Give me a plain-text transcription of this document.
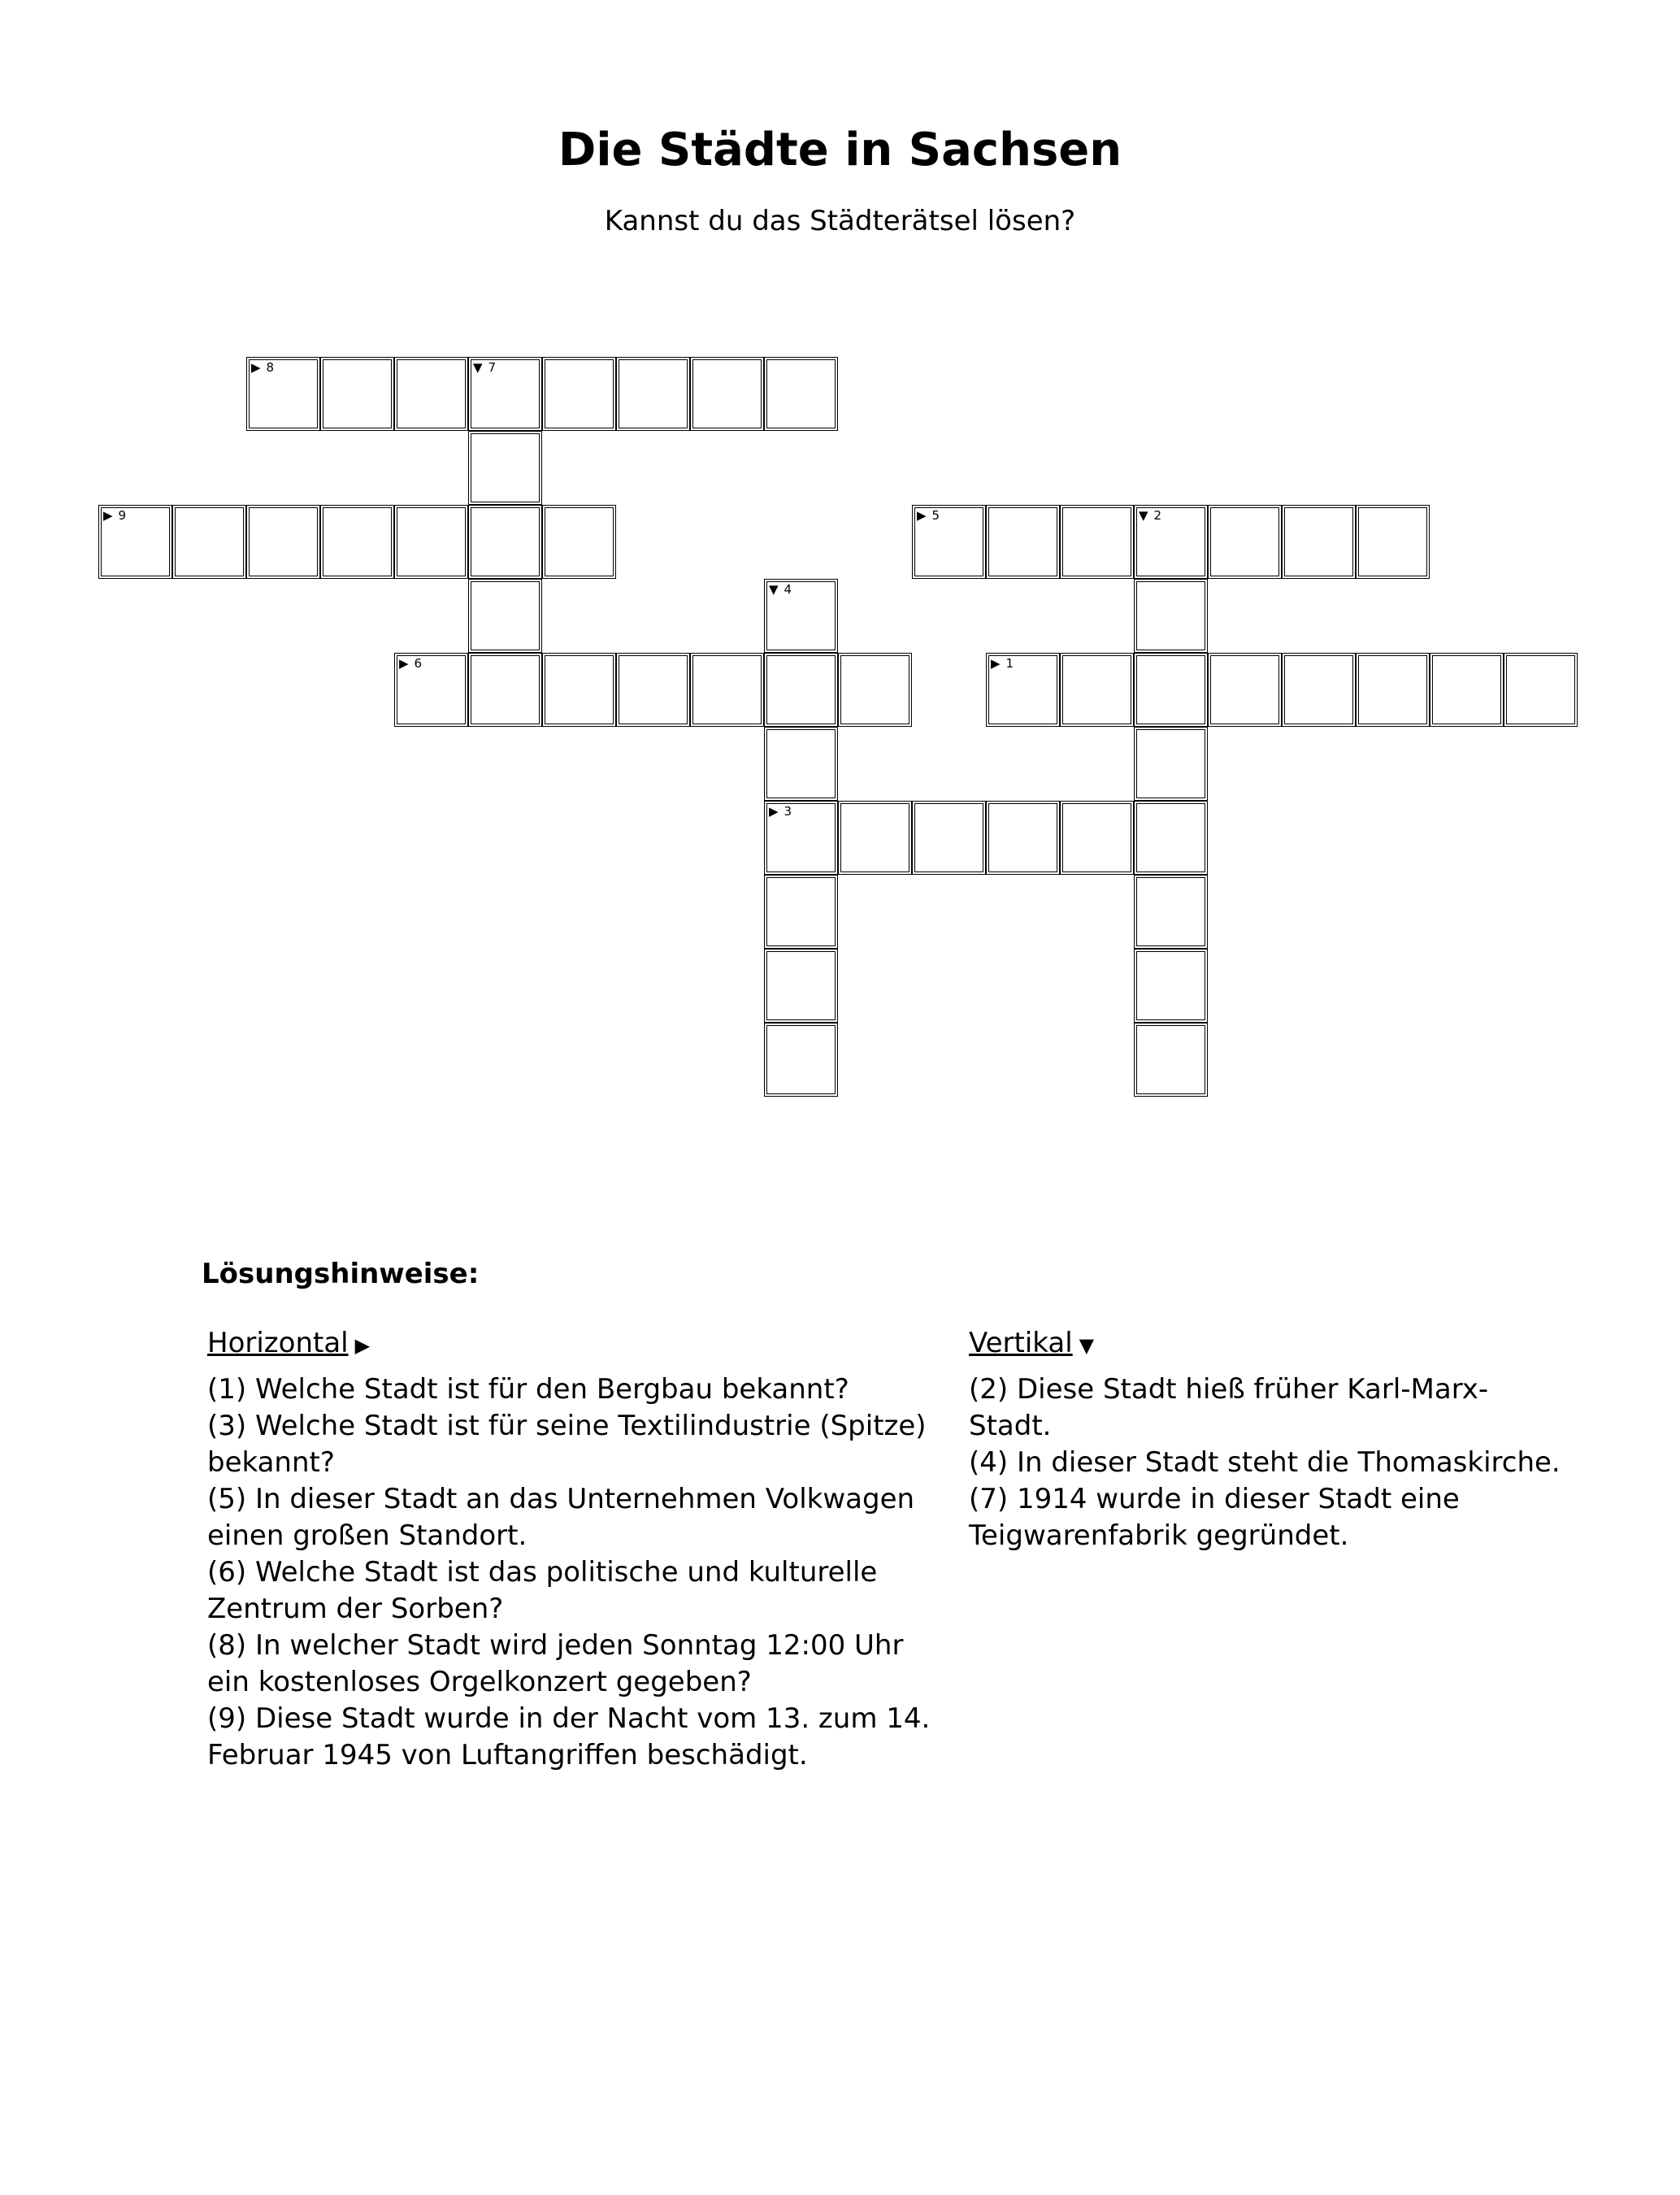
Die Städte in Sachsen
Kannst du das Städterätsel lösen?
▶ 8	▼ 7
▶ 9	▶ 5	▼ 2
▼ 4
▶ 6	▶ 1
▶ 3
Lösungshinweise:
Horizontal ▶
(1) Welche Stadt ist für den Bergbau bekannt?
(3) Welche Stadt ist für seine Textilindustrie (Spitze) bekannt?
(5) In dieser Stadt an das Unternehmen Volkwagen einen großen Standort.
(6) Welche Stadt ist das politische und kulturelle Zentrum der Sorben?
(8) In welcher Stadt wird jeden Sonntag 12:00 Uhr ein kostenloses Orgelkonzert gegeben?
(9) Diese Stadt wurde in der Nacht vom 13. zum 14. Februar 1945 von Luftangriffen beschädigt.
Vertikal ▼
(2) Diese Stadt hieß früher Karl-Marx-Stadt.
(4) In dieser Stadt steht die Thomaskirche.
(7) 1914 wurde in dieser Stadt eine Teigwarenfabrik gegründet.
